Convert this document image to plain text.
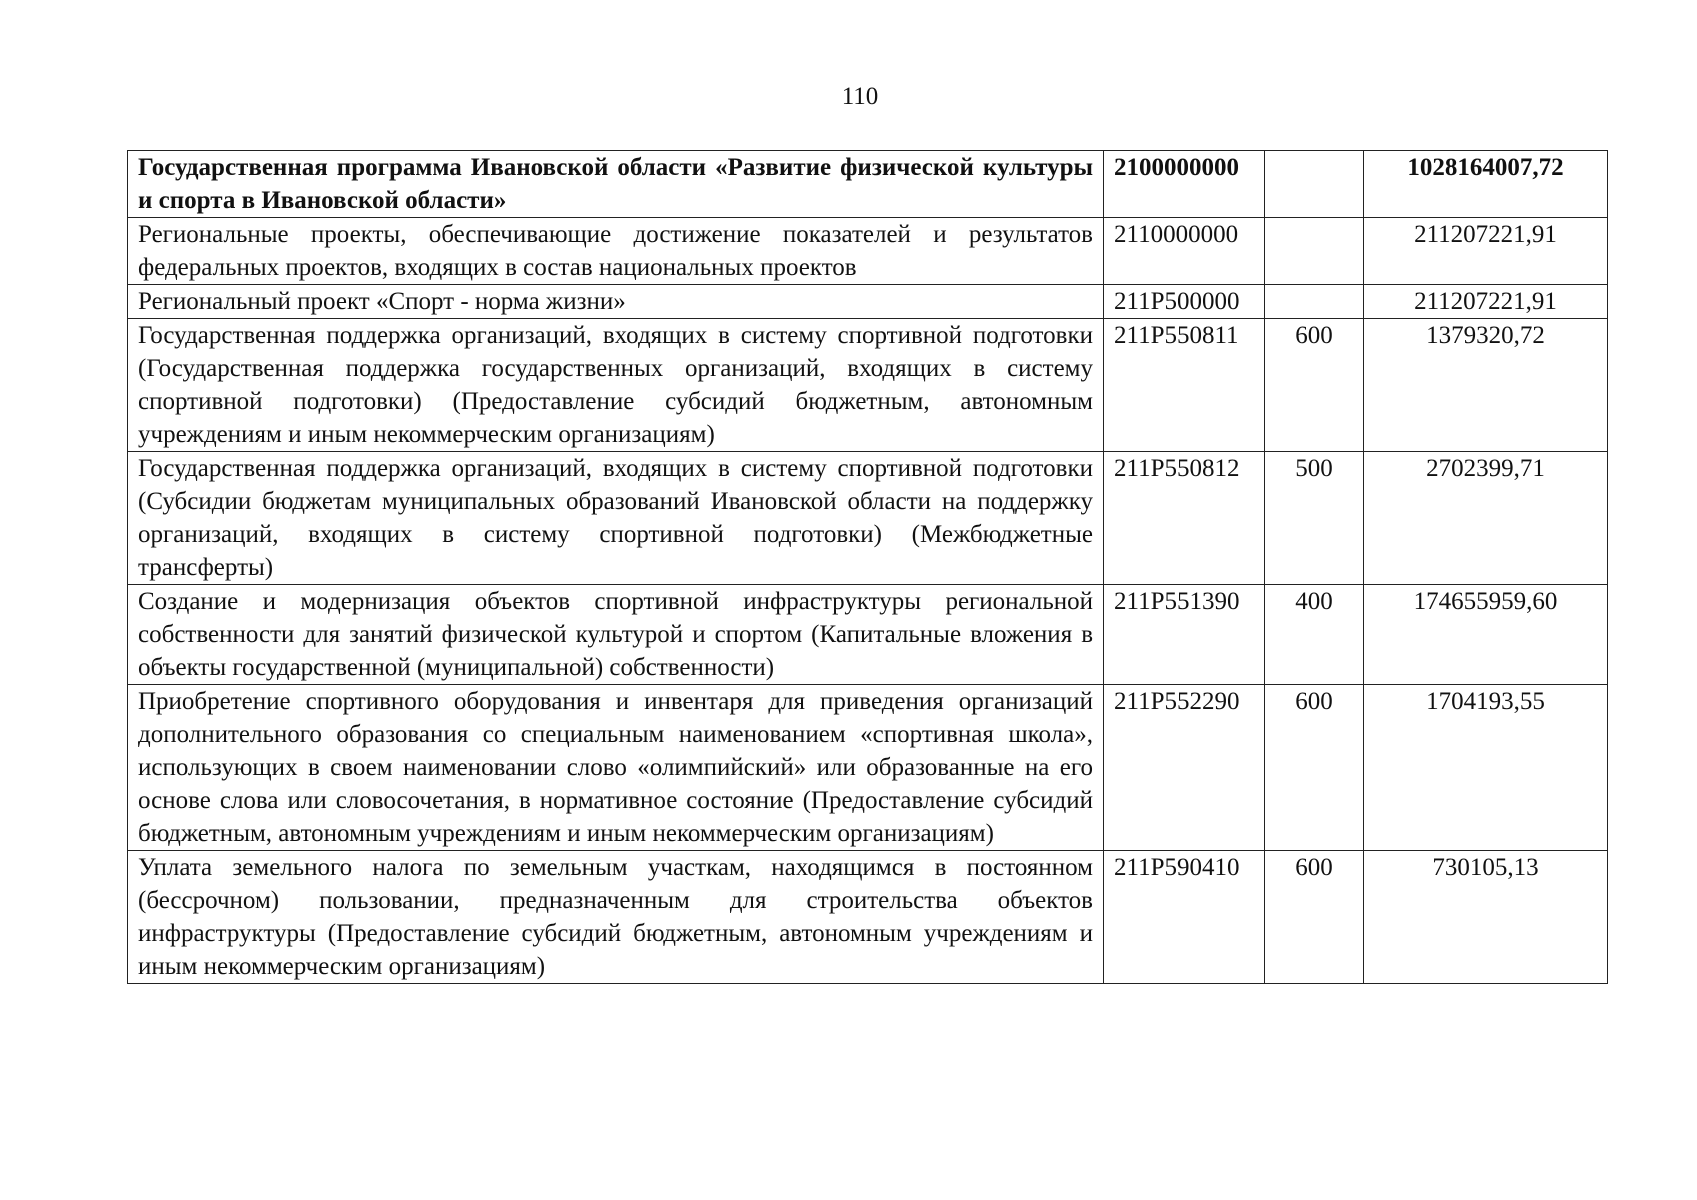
110
Государственная программа Ивановской области «Развитие физической культуры и спорта в Ивановской области»	2100000000		1028164007,72
Региональные проекты, обеспечивающие достижение показателей и результатов федеральных проектов, входящих в состав национальных проектов	2110000000		211207221,91
Региональный проект «Спорт - норма жизни»	211P500000		211207221,91
Государственная поддержка организаций, входящих в систему спортивной подготовки (Государственная поддержка государственных организаций, входящих в систему спортивной подготовки) (Предоставление субсидий бюджетным, автономным учреждениям и иным некоммерческим организациям)	211P550811	600	1379320,72
Государственная поддержка организаций, входящих в систему спортивной подготовки (Субсидии бюджетам муниципальных образований Ивановской области на поддержку организаций, входящих в систему спортивной подготовки) (Межбюджетные трансферты)	211P550812	500	2702399,71
Создание и модернизация объектов спортивной инфраструктуры региональной собственности для занятий физической культурой и спортом (Капитальные вложения в объекты государственной (муниципальной) собственности)	211P551390	400	174655959,60
Приобретение спортивного оборудования и инвентаря для приведения организаций дополнительного образования со специальным наименованием «спортивная школа», использующих в своем наименовании слово «олимпийский» или образованные на его основе слова или словосочетания, в нормативное состояние (Предоставление субсидий бюджетным, автономным учреждениям и иным некоммерческим организациям)	211P552290	600	1704193,55
Уплата земельного налога по земельным участкам, находящимся в постоянном (бессрочном) пользовании, предназначенным для строительства объектов инфраструктуры (Предоставление субсидий бюджетным, автономным учреждениям и иным некоммерческим организациям)	211P590410	600	730105,13
